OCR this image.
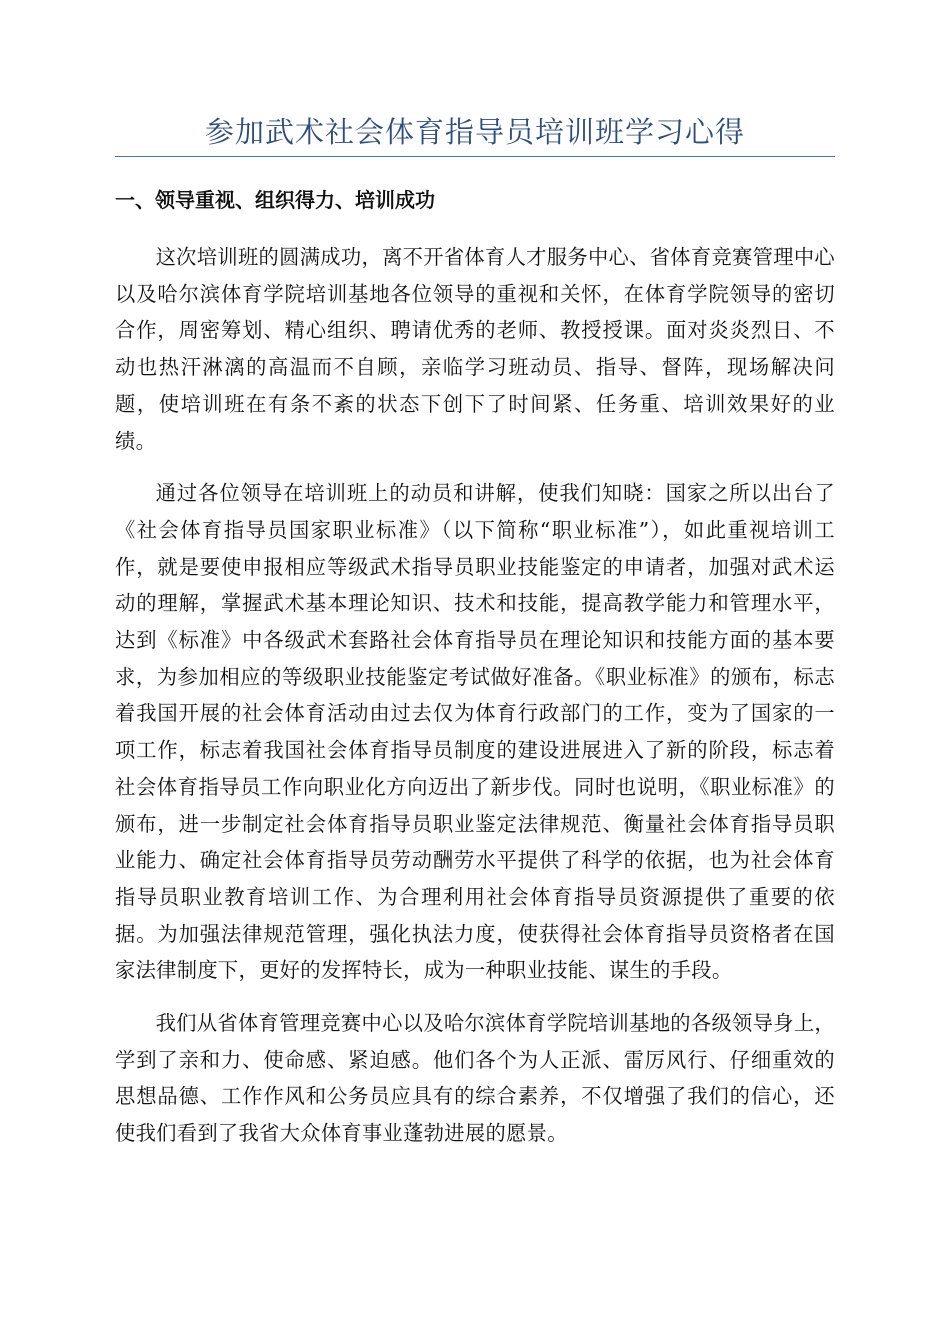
参加武术社会体育指导员培训班学习心得
一、领导重视、组织得力、培训成功

这次培训班的圆满成功，离不开省体育人才服务中心、省体育竞赛管理中心以及哈尔滨体育学院培训基地各位领导的重视和关怀，在体育学院领导的密切合作，周密筹划、精心组织、聘请优秀的老师、教授授课。面对炎炎烈日、不动也热汗淋漓的高温而不自顾，亲临学习班动员、指导、督阵，现场解决问题，使培训班在有条不紊的状态下创下了时间紧、任务重、培训效果好的业绩。

通过各位领导在培训班上的动员和讲解，使我们知晓：国家之所以出台了《社会体育指导员国家职业标准》（以下简称“职业标准”），如此重视培训工作，就是要使申报相应等级武术指导员职业技能鉴定的申请者，加强对武术运动的理解，掌握武术基本理论知识、技术和技能，提高教学能力和管理水平，达到《标准》中各级武术套路社会体育指导员在理论知识和技能方面的基本要求，为参加相应的等级职业技能鉴定考试做好准备。《职业标准》的颁布，标志着我国开展的社会体育活动由过去仅为体育行政部门的工作，变为了国家的一项工作，标志着我国社会体育指导员制度的建设进展进入了新的阶段，标志着社会体育指导员工作向职业化方向迈出了新步伐。同时也说明，《职业标准》的颁布，进一步制定社会体育指导员职业鉴定法律规范、衡量社会体育指导员职业能力、确定社会体育指导员劳动酬劳水平提供了科学的依据，也为社会体育指导员职业教育培训工作、为合理利用社会体育指导员资源提供了重要的依据。为加强法律规范管理，强化执法力度，使获得社会体育指导员资格者在国家法律制度下，更好的发挥特长，成为一种职业技能、谋生的手段。

我们从省体育管理竞赛中心以及哈尔滨体育学院培训基地的各级领导身上，学到了亲和力、使命感、紧迫感。他们各个为人正派、雷厉风行、仔细重效的思想品德、工作作风和公务员应具有的综合素养，不仅增强了我们的信心，还使我们看到了我省大众体育事业蓬勃进展的愿景。
